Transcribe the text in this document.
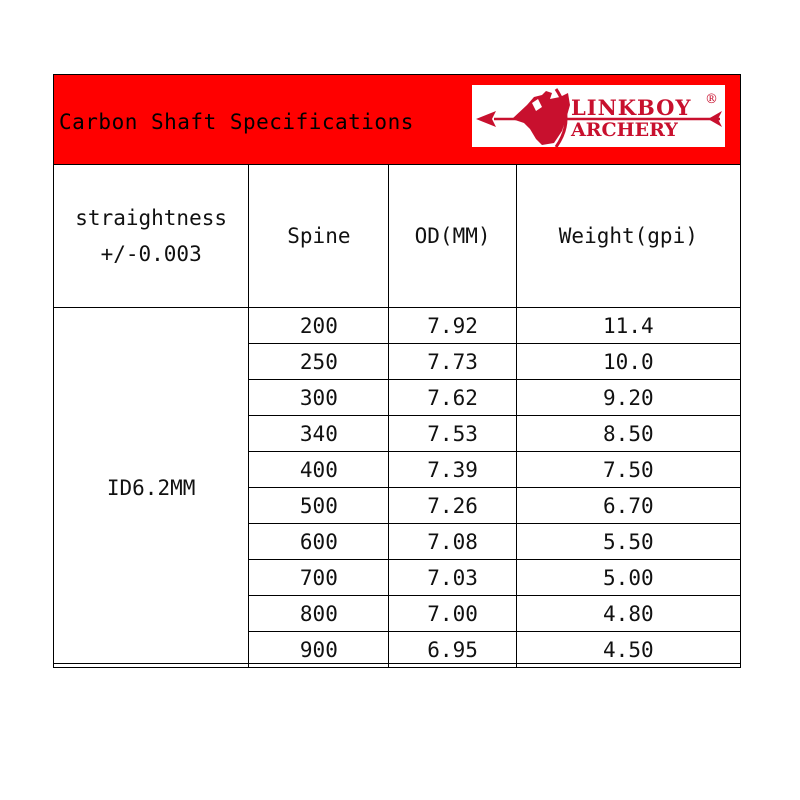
Carbon Shaft Specifications
LINKBOY ®
ARCHERY
straightness
+/-0.003	Spine	OD(MM)	Weight(gpi)
ID6.2MM	200	7.92	11.4
	250	7.73	10.0
	300	7.62	9.20
	340	7.53	8.50
	400	7.39	7.50
	500	7.26	6.70
	600	7.08	5.50
	700	7.03	5.00
	800	7.00	4.80
	900	6.95	4.50
